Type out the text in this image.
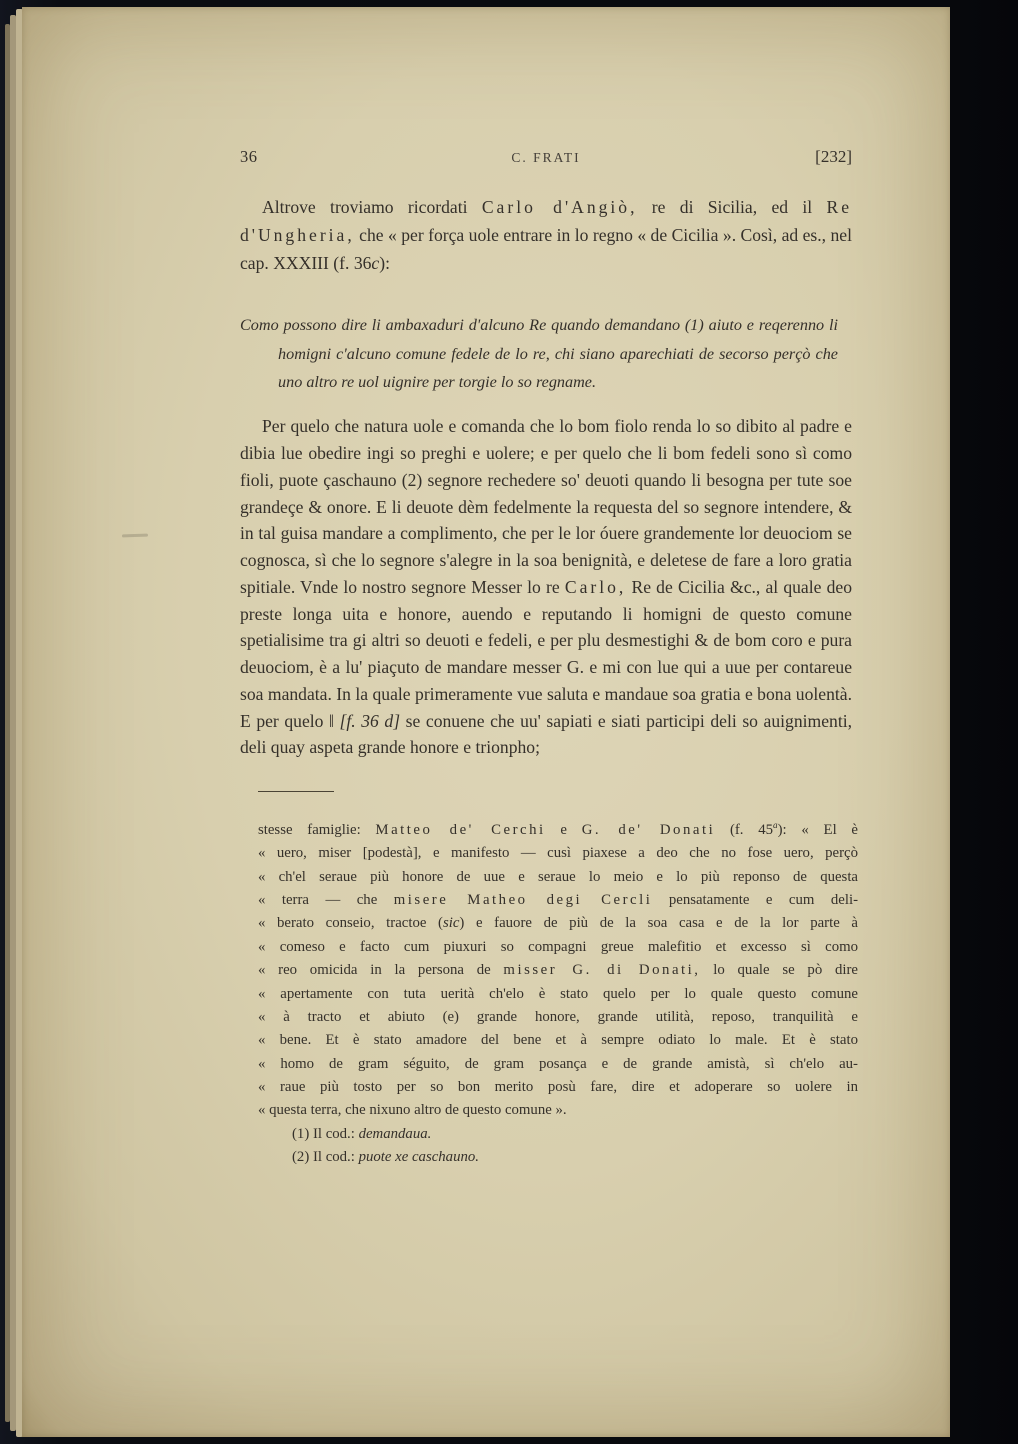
36	C. FRATI	[232]

Altrove troviamo ricordati Carlo d'Angiò, re di Sicilia, ed il Re d'Ungheria, che « per força uole entrare in lo regno « de Cicilia ». Così, ad es., nel cap. XXXIII (f. 36c):

Como possono dire li ambaxaduri d'alcuno Re quando demandano (1) aiuto e reqerenno li homigni c'alcuno comune fedele de lo re, chi siano aparechiati de secorso perçò che uno altro re uol uignire per torgie lo so regname.

Per quelo che natura uole e comanda che lo bom fiolo renda lo so dibito al padre e dibia lue obedire ingi so preghi e uolere; e per quelo che li bom fedeli sono sì como fioli, puote çaschauno (2) segnore rechedere so' deuoti quando li besogna per tute soe grandeçe & onore. E li deuote dèm fedelmente la requesta del so segnore intendere, & in tal guisa mandare a complimento, che per le lor óuere grandemente lor deuociom se cognosca, sì che lo segnore s'alegre in la soa benignità, e deletese de fare a loro gratia spitiale. Vnde lo nostro segnore Messer lo re Carlo, Re de Cicilia &c., al quale deo preste longa uita e honore, auendo e reputando li homigni de questo comune spetialisime tra gi altri so deuoti e fedeli, e per plu desmestighi & de bom coro e pura deuociom, è a lu' piaçuto de mandare messer G. e mi con lue qui a uue per contareue soa mandata. In la quale primeramente vue saluta e mandaue soa gratia e bona uolentà. E per quelo ‖ [f. 36 d] se conuene che uu' sapiati e siati participi deli so auignimenti, deli quay aspeta grande honore e trionpho;

stesse famiglie: Matteo de' Cerchi e G. de' Donati (f. 45$^a$): « El è
« uero, miser [podestà], e manifesto — cusì piaxese a deo che no fose uero, perçò
« ch'el seraue più honore de uue e seraue lo meio e lo più reponso de questa
« terra — che misere Matheo degi Cercli pensatamente e cum deli-
« berato conseio, tractoe (sic) e fauore de più de la soa casa e de la lor parte à
« comeso e facto cum piuxuri so compagni greue malefitio et excesso sì como
« reo omicida in la persona de misser G. di Donati, lo quale se pò dire
« apertamente con tuta uerità ch'elo è stato quelo per lo quale questo comune
« à tracto et abiuto (e) grande honore, grande utilità, reposo, tranquilità e
« bene. Et è stato amadore del bene et à sempre odiato lo male. Et è stato
« homo de gram séguito, de gram posança e de grande amistà, sì ch'elo au-
« raue più tosto per so bon merito posù fare, dire et adoperare so uolere in
« questa terra, che nixuno altro de questo comune ».
(1) Il cod.: demandaua.
(2) Il cod.: puote xe caschauno.
